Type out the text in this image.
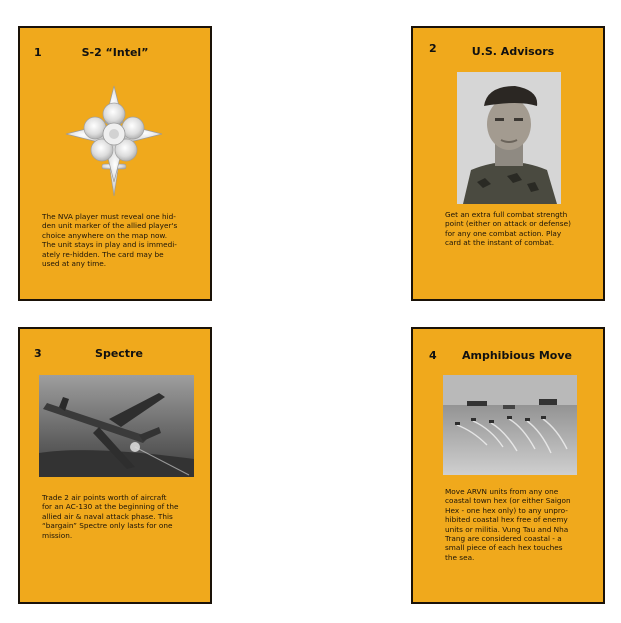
1	S-2 “Intel”
The NVA player must reveal one hid-
den unit marker of the allied player's
choice anywhere on the map now.
The unit stays in play and is immedi-
ately re-hidden. The card may be
used at any time.
2	U.S. Advisors
Get an extra full combat strength
point (either on attack or defense)
for any one combat action. Play
card at the instant of combat.
3	Spectre
Trade 2 air points worth of aircraft
for an AC-130 at the beginning of the
allied air & naval attack phase. This
“bargain” Spectre only lasts for one
mission.
4	Amphibious Move
Move ARVN units from any one
coastal town hex (or either Saigon
Hex - one hex only) to any unpro-
hibited coastal hex free of enemy
units or militia. Vung Tau and Nha
Trang are considered coastal - a
small piece of each hex touches
the sea.
